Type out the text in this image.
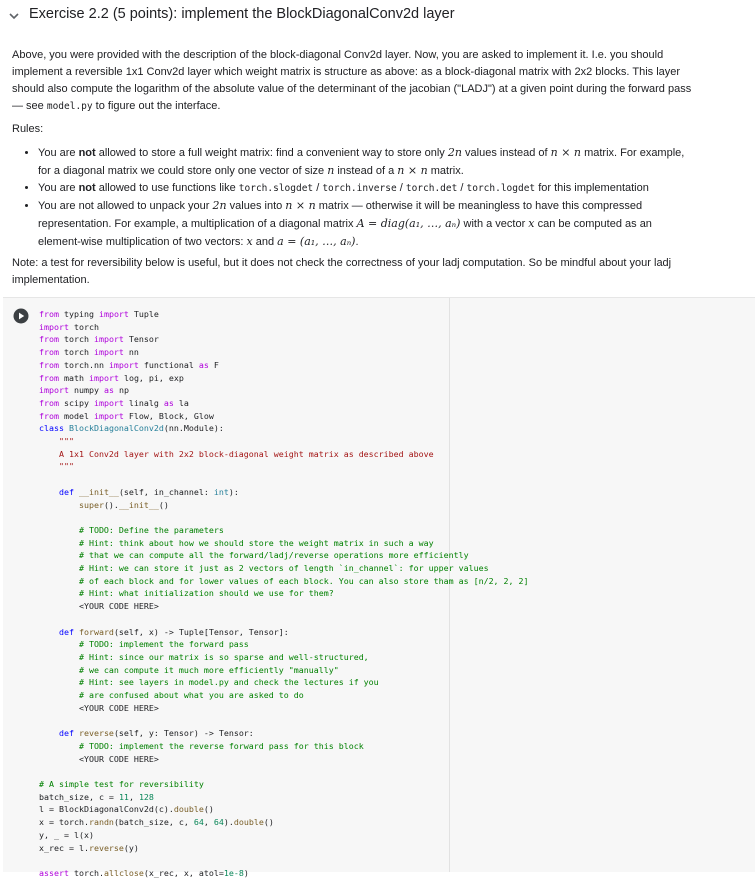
Exercise 2.2 (5 points): implement the BlockDiagonalConv2d layer

Above, you were provided with the description of the block-diagonal Conv2d layer. Now, you are asked to implement it. I.e. you should implement a reversible 1x1 Conv2d layer which weight matrix is structure as above: as a block-diagonal matrix with 2x2 blocks. This layer should also compute the logarithm of the absolute value of the determinant of the jacobian ("LADJ") at a given point during the forward pass — see model.py to figure out the interface.

Rules:

• You are not allowed to store a full weight matrix: find a convenient way to store only 2n values instead of n × n matrix. For example, for a diagonal matrix we could store only one vector of size n instead of a n × n matrix.
• You are not allowed to use functions like torch.slogdet / torch.inverse / torch.det / torch.logdet for this implementation
• You are not allowed to unpack your 2n values into n × n matrix — otherwise it will be meaningless to have this compressed representation. For example, a multiplication of a diagonal matrix A = diag(a₁, …, aₙ) with a vector x can be computed as an element-wise multiplication of two vectors: x and a = (a₁, …, aₙ).

Note: a test for reversibility below is useful, but it does not check the correctness of your ladj computation. So be mindful about your ladj implementation.

from typing import Tuple
import torch
from torch import Tensor
from torch import nn
from torch.nn import functional as F
from math import log, pi, exp
import numpy as np
from scipy import linalg as la
from model import Flow, Block, Glow
class BlockDiagonalConv2d(nn.Module):
"""
A 1x1 Conv2d layer with 2x2 block-diagonal weight matrix as described above
"""

def __init__(self, in_channel: int):
super().__init__()

# TODO: Define the parameters
# Hint: think about how we should store the weight matrix in such a way
# that we can compute all the forward/ladj/reverse operations more efficiently
# Hint: we can store it just as 2 vectors of length `in_channel`: for upper values
# of each block and for lower values of each block. You can also store tham as [n/2, 2, 2]
# Hint: what initialization should we use for them?
<YOUR CODE HERE>

def forward(self, x) -> Tuple[Tensor, Tensor]:
# TODO: implement the forward pass
# Hint: since our matrix is so sparse and well-structured,
# we can compute it much more efficiently "manually"
# Hint: see layers in model.py and check the lectures if you
# are confused about what you are asked to do
<YOUR CODE HERE>

def reverse(self, y: Tensor) -> Tensor:
# TODO: implement the reverse forward pass for this block
<YOUR CODE HERE>

# A simple test for reversibility
batch_size, c = 11, 128
l = BlockDiagonalConv2d(c).double()
x = torch.randn(batch_size, c, 64, 64).double()
y, _ = l(x)
x_rec = l.reverse(y)

assert torch.allclose(x_rec, x, atol=1e-8)
